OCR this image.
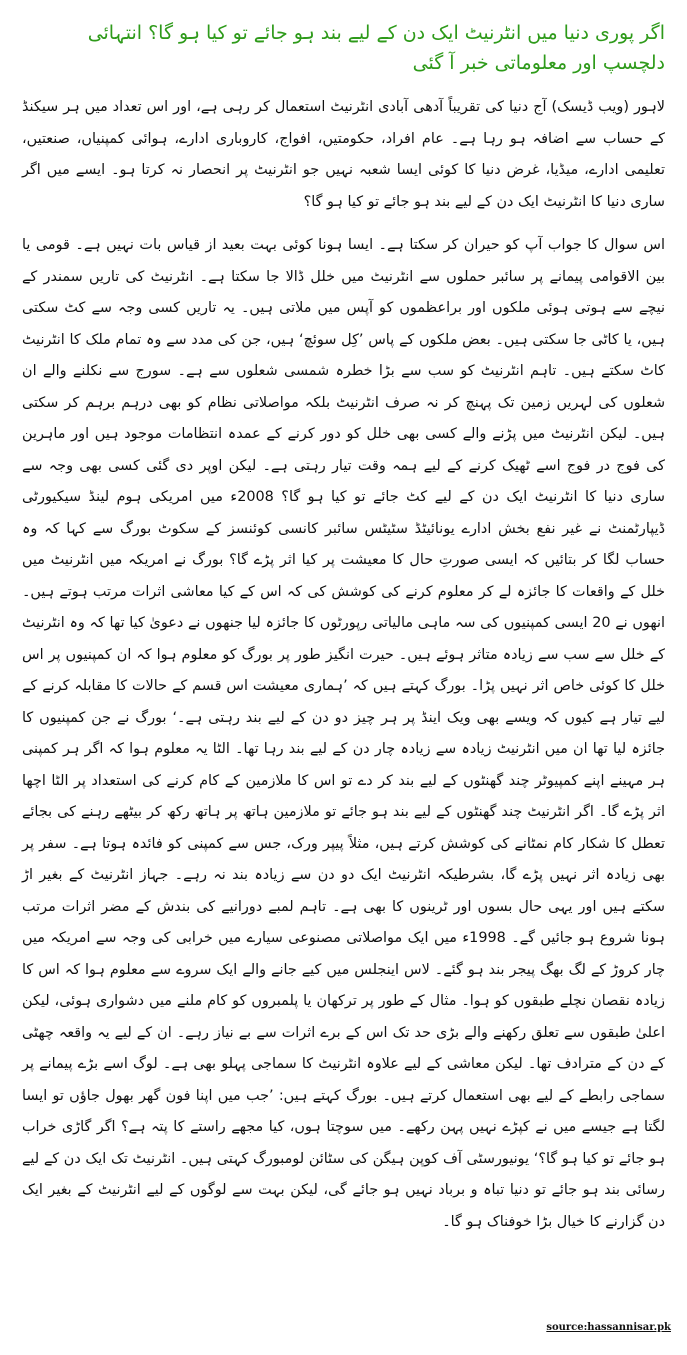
اگر پوری دنیا میں انٹرنیٹ ایک دن کے لیے بند ہو جائے تو کیا ہو گا؟ انتہائی دلچسپ اور معلوماتی خبر آ گئی

لاہور (ویب ڈیسک) آج دنیا کی تقریباً آدھی آبادی انٹرنیٹ استعمال کر رہی ہے، اور اس تعداد میں ہر سیکنڈ کے حساب سے اضافہ ہو رہا ہے۔ عام افراد، حکومتیں، افواج، کاروباری ادارے، ہوائی کمپنیاں، صنعتیں، تعلیمی ادارے، میڈیا، غرض دنیا کا کوئی ایسا شعبہ نہیں جو انٹرنیٹ پر انحصار نہ کرتا ہو۔ ایسے میں اگر ساری دنیا کا انٹرنیٹ ایک دن کے لیے بند ہو جائے تو کیا ہو گا؟

اس سوال کا جواب آپ کو حیران کر سکتا ہے۔ ایسا ہونا کوئی بہت بعید از قیاس بات نہیں ہے۔ قومی یا بین الاقوامی پیمانے پر سائبر حملوں سے انٹرنیٹ میں خلل ڈالا جا سکتا ہے۔ انٹرنیٹ کی تاریں سمندر کے نیچے سے ہوتی ہوئی ملکوں اور براعظموں کو آپس میں ملاتی ہیں۔ یہ تاریں کسی وجہ سے کٹ سکتی ہیں، یا کاٹی جا سکتی ہیں۔ بعض ملکوں کے پاس ’کِل سوئچ‘ ہیں، جن کی مدد سے وہ تمام ملک کا انٹرنیٹ کاٹ سکتے ہیں۔ تاہم انٹرنیٹ کو سب سے بڑا خطرہ شمسی شعلوں سے ہے۔ سورج سے نکلنے والے ان شعلوں کی لہریں زمین تک پہنچ کر نہ صرف انٹرنیٹ بلکہ مواصلاتی نظام کو بھی درہم برہم کر سکتی ہیں۔ لیکن انٹرنیٹ میں پڑنے والے کسی بھی خلل کو دور کرنے کے عمدہ انتظامات موجود ہیں اور ماہرین کی فوج در فوج اسے ٹھیک کرنے کے لیے ہمہ وقت تیار رہتی ہے۔ لیکن اوپر دی گئی کسی بھی وجہ سے ساری دنیا کا انٹرنیٹ ایک دن کے لیے کٹ جائے تو کیا ہو گا؟ 2008ء میں امریکی ہوم لینڈ سیکیورٹی ڈیپارٹمنٹ نے غیر نفع بخش ادارے یونائیٹڈ سٹیٹس سائبر کانسی کوئنسز کے سکوٹ بورگ سے کہا کہ وہ حساب لگا کر بتائیں کہ ایسی صورتِ حال کا معیشت پر کیا اثر پڑے گا؟ بورگ نے امریکہ میں انٹرنیٹ میں خلل کے واقعات کا جائزہ لے کر معلوم کرنے کی کوشش کی کہ اس کے کیا معاشی اثرات مرتب ہوتے ہیں۔ انھوں نے 20 ایسی کمپنیوں کی سہ ماہی مالیاتی رپورٹوں کا جائزہ لیا جنھوں نے دعویٰ کیا تھا کہ وہ انٹرنیٹ کے خلل سے سب سے زیادہ متاثر ہوئے ہیں۔ حیرت انگیز طور پر بورگ کو معلوم ہوا کہ ان کمپنیوں پر اس خلل کا کوئی خاص اثر نہیں پڑا۔ بورگ کہتے ہیں کہ ’ہماری معیشت اس قسم کے حالات کا مقابلہ کرنے کے لیے تیار ہے کیوں کہ ویسے بھی ویک اینڈ پر ہر چیز دو دن کے لیے بند رہتی ہے۔‘ بورگ نے جن کمپنیوں کا جائزہ لیا تھا ان میں انٹرنیٹ زیادہ سے زیادہ چار دن کے لیے بند رہا تھا۔ الٹا یہ معلوم ہوا کہ اگر ہر کمپنی ہر مہینے اپنے کمپیوٹر چند گھنٹوں کے لیے بند کر دے تو اس کا ملازمین کے کام کرنے کی استعداد پر الٹا اچھا اثر پڑے گا۔ اگر انٹرنیٹ چند گھنٹوں کے لیے بند ہو جائے تو ملازمین ہاتھ پر ہاتھ رکھ کر بیٹھے رہنے کی بجائے تعطل کا شکار کام نمٹانے کی کوشش کرتے ہیں، مثلاً پیپر ورک، جس سے کمپنی کو فائدہ ہوتا ہے۔ سفر پر بھی زیادہ اثر نہیں پڑے گا، بشرطیکہ انٹرنیٹ ایک دو دن سے زیادہ بند نہ رہے۔ جہاز انٹرنیٹ کے بغیر اڑ سکتے ہیں اور یہی حال بسوں اور ٹرینوں کا بھی ہے۔ تاہم لمبے دورانیے کی بندش کے مضر اثرات مرتب ہونا شروع ہو جائیں گے۔ 1998ء میں ایک مواصلاتی مصنوعی سیارے میں خرابی کی وجہ سے امریکہ میں چار کروڑ کے لگ بھگ پیجر بند ہو گئے۔ لاس اینجلس میں کیے جانے والے ایک سروے سے معلوم ہوا کہ اس کا زیادہ نقصان نچلے طبقوں کو ہوا۔ مثال کے طور پر ترکھان یا پلمبروں کو کام ملنے میں دشواری ہوئی، لیکن اعلیٰ طبقوں سے تعلق رکھنے والے بڑی حد تک اس کے برے اثرات سے بے نیاز رہے۔ ان کے لیے یہ واقعہ چھٹی کے دن کے مترادف تھا۔ لیکن معاشی کے لیے علاوہ انٹرنیٹ کا سماجی پہلو بھی ہے۔ لوگ اسے بڑے پیمانے پر سماجی رابطے کے لیے بھی استعمال کرتے ہیں۔ بورگ کہتے ہیں: ’جب میں اپنا فون گھر بھول جاؤں تو ایسا لگتا ہے جیسے میں نے کپڑے نہیں پہن رکھے۔ میں سوچتا ہوں، کیا مجھے راستے کا پتہ ہے؟ اگر گاڑی خراب ہو جائے تو کیا ہو گا؟‘ یونیورسٹی آف کوپن ہیگن کی سٹائن لومبورگ کہتی ہیں۔ انٹرنیٹ تک ایک دن کے لیے رسائی بند ہو جائے تو دنیا تباہ و برباد نہیں ہو جائے گی، لیکن بہت سے لوگوں کے لیے انٹرنیٹ کے بغیر ایک دن گزارنے کا خیال بڑا خوفناک ہو گا۔

source:hassannisar.pk
